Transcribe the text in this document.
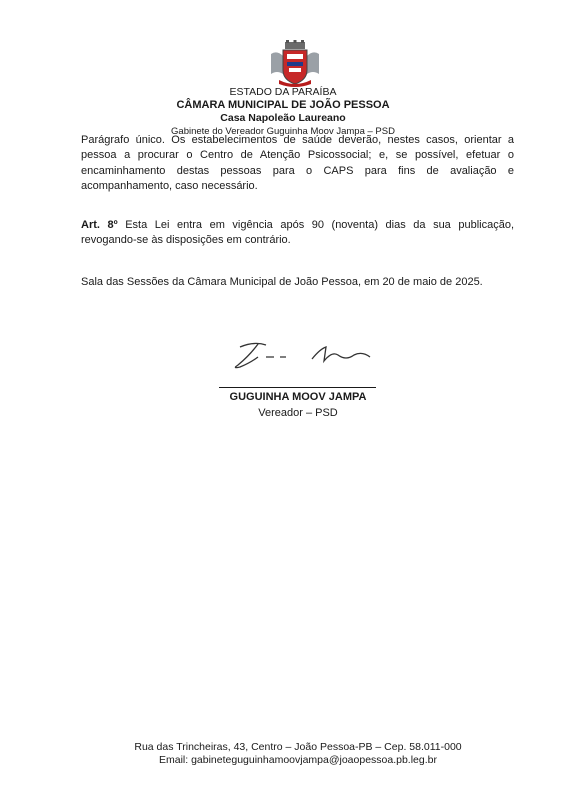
ESTADO DA PARAÍBA
CÂMARA MUNICIPAL DE JOÃO PESSOA
Casa Napoleão Laureano
Gabinete do Vereador Guguinha Moov Jampa – PSD

Parágrafo único. Os estabelecimentos de saúde deverão, nestes casos, orientar a pessoa a procurar o Centro de Atenção Psicossocial; e, se possível, efetuar o encaminhamento destas pessoas para o CAPS para fins de avaliação e acompanhamento, caso necessário.

Art. 8º Esta Lei entra em vigência após 90 (noventa) dias da sua publicação, revogando-se às disposições em contrário.

Sala das Sessões da Câmara Municipal de João Pessoa, em 20 de maio de 2025.

GUGUINHA MOOV JAMPA
Vereador – PSD
Rua das Trincheiras, 43, Centro – João Pessoa-PB – Cep. 58.011-000
Email: gabineteguguinhamoovjampa@joaopessoa.pb.leg.br
